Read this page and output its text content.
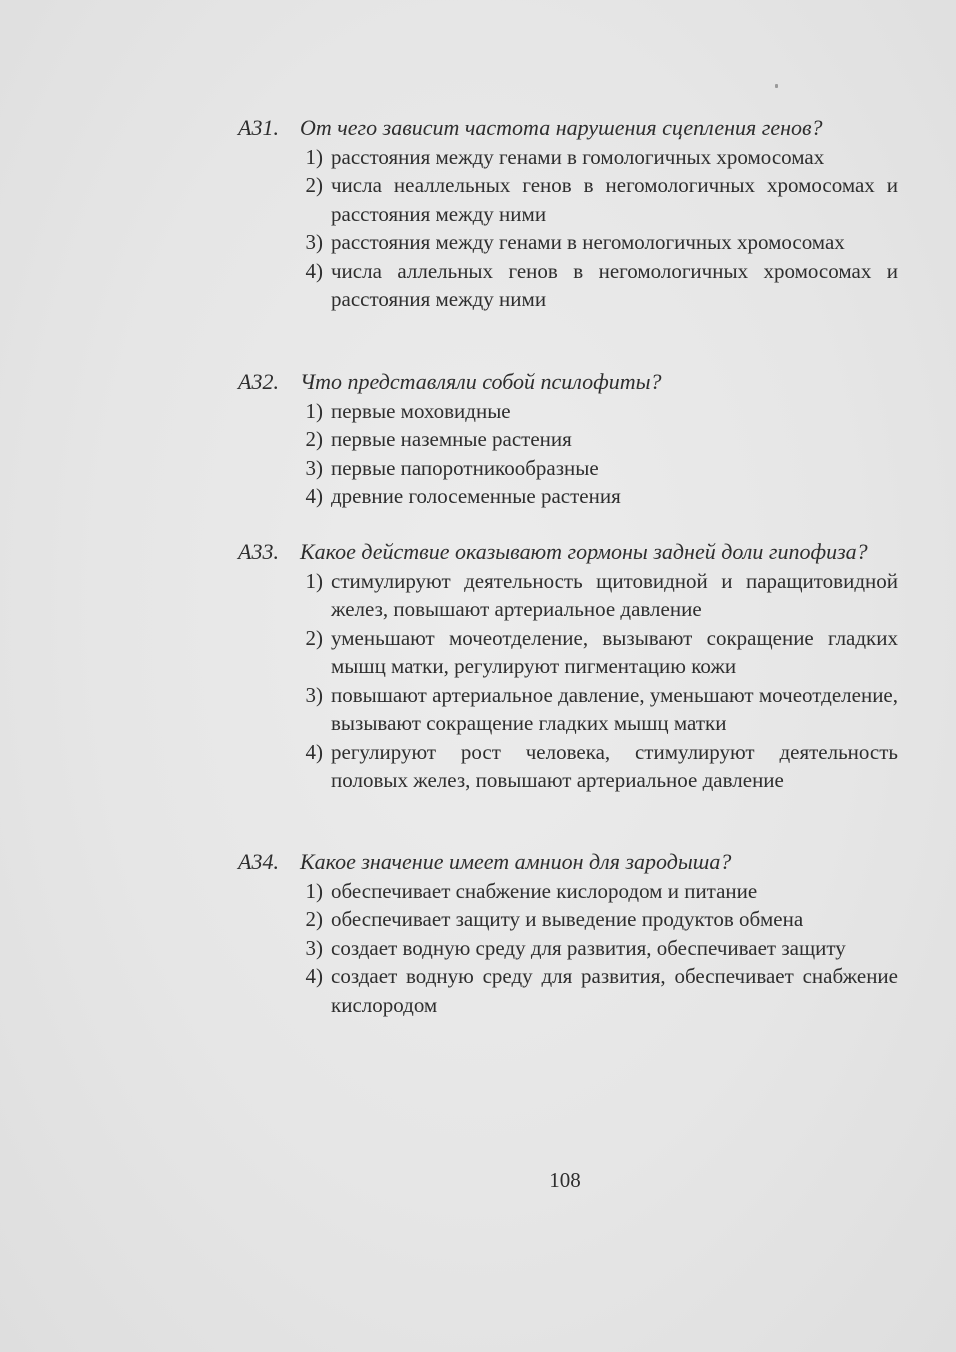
А31. От чего зависит частота нарушения сцепления генов?
1) расстояния между генами в гомологичных хромосомах
2) числа неаллельных генов в негомологичных хромосомах и расстояния между ними
3) расстояния между генами в негомологичных хромосомах
4) числа аллельных генов в негомологичных хромосомах и расстояния между ними
А32. Что представляли собой псилофиты?
1) первые моховидные
2) первые наземные растения
3) первые папоротникообразные
4) древние голосеменные растения
А33. Какое действие оказывают гормоны задней доли гипофиза?
1) стимулируют деятельность щитовидной и паращитовидной желез, повышают артериальное давление
2) уменьшают мочеотделение, вызывают сокращение гладких мышц матки, регулируют пигментацию кожи
3) повышают артериальное давление, уменьшают мочеотделение, вызывают сокращение гладких мышц матки
4) регулируют рост человека, стимулируют деятельность половых желез, повышают артериальное давление
А34. Какое значение имеет амнион для зародыша?
1) обеспечивает снабжение кислородом и питание
2) обеспечивает защиту и выведение продуктов обмена
3) создает водную среду для развития, обеспечивает защиту
4) создает водную среду для развития, обеспечивает снабжение кислородом
108
